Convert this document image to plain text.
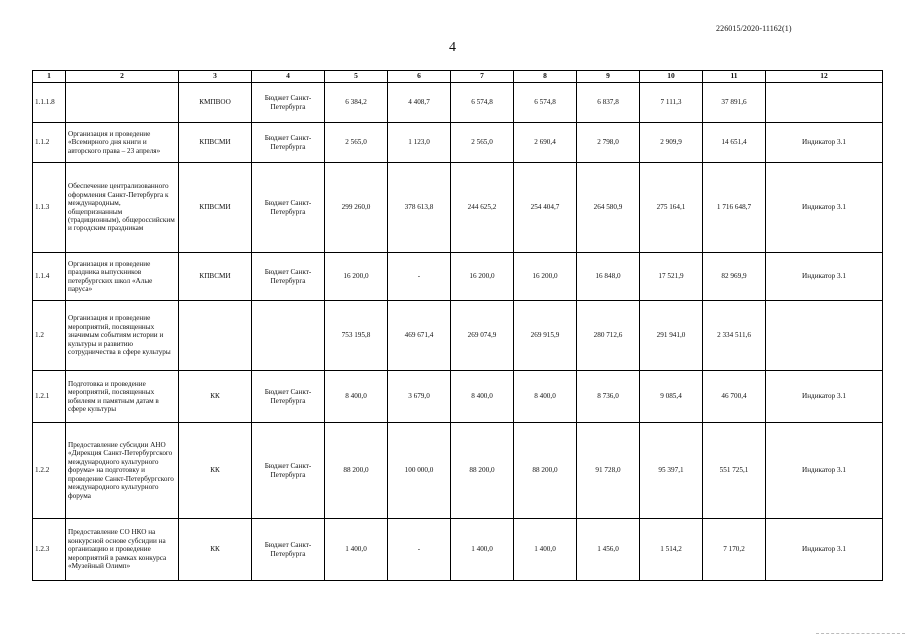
226015/2020-11162(1)
4
1	2	3	4	5	6	7	8	9	10	11	12
1.1.1.8		КМПВОО	Бюджет Санкт-Петербурга	6 384,2	4 408,7	6 574,8	6 574,8	6 837,8	7 111,3	37 891,6	
1.1.2	Организация и проведение «Всемирного дня книги и авторского права – 23 апреля»	КПВСМИ	Бюджет Санкт-Петербурга	2 565,0	1 123,0	2 565,0	2 690,4	2 798,0	2 909,9	14 651,4	Индикатор 3.1
1.1.3	Обеспечение централизованного оформления Санкт-Петербурга к международным, общепризнанным (традиционным), общероссийским и городским праздникам	КПВСМИ	Бюджет Санкт-Петербурга	299 260,0	378 613,8	244 625,2	254 404,7	264 580,9	275 164,1	1 716 648,7	Индикатор 3.1
1.1.4	Организация и проведение праздника выпускников петербургских школ «Алые паруса»	КПВСМИ	Бюджет Санкт-Петербурга	16 200,0	-	16 200,0	16 200,0	16 848,0	17 521,9	82 969,9	Индикатор 3.1
1.2	Организация и проведение мероприятий, посвященных значимым событиям истории и культуры и развитию сотрудничества в сфере культуры			753 195,8	469 671,4	269 074,9	269 915,9	280 712,6	291 941,0	2 334 511,6	
1.2.1	Подготовка и проведение мероприятий, посвященных юбилеям и памятным датам в сфере культуры	КК	Бюджет Санкт-Петербурга	8 400,0	3 679,0	8 400,0	8 400,0	8 736,0	9 085,4	46 700,4	Индикатор 3.1
1.2.2	Предоставление субсидии АНО «Дирекция Санкт-Петербургского международного культурного форума» на подготовку и проведение Санкт-Петербургского международного культурного форума	КК	Бюджет Санкт-Петербурга	88 200,0	100 000,0	88 200,0	88 200,0	91 728,0	95 397,1	551 725,1	Индикатор 3.1
1.2.3	Предоставление СО НКО на конкурсной основе субсидии на организацию и проведение мероприятий в рамках конкурса «Музейный Олимп»	КК	Бюджет Санкт-Петербурга	1 400,0	-	1 400,0	1 400,0	1 456,0	1 514,2	7 170,2	Индикатор 3.1
